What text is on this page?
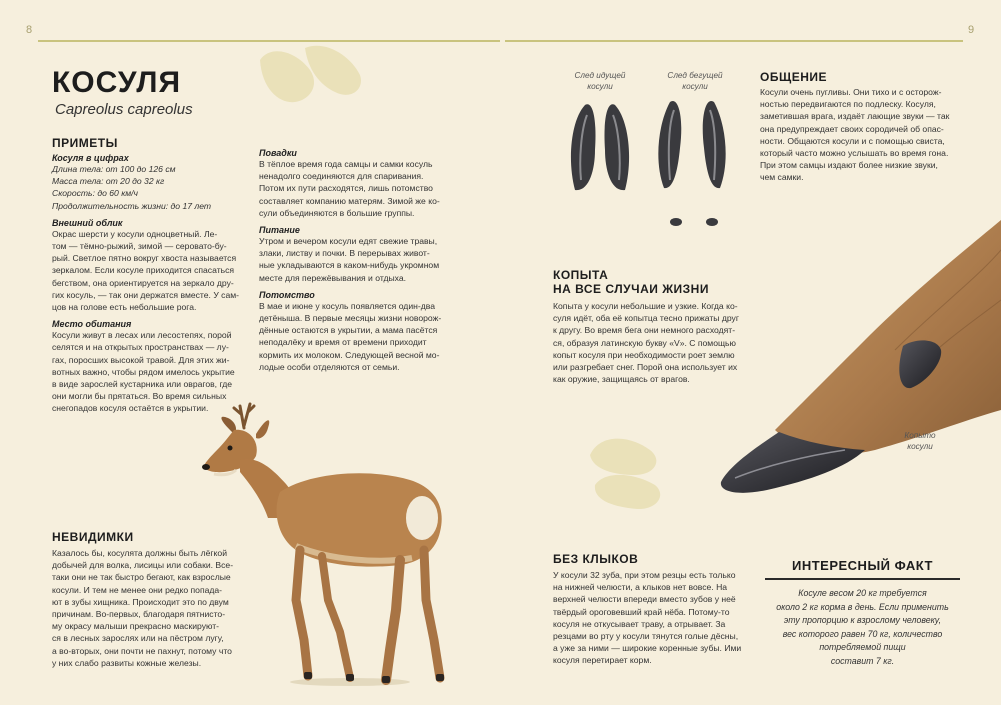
8	9
КОСУЛЯ
Capreolus capreolus
ПРИМЕТЫ
Косуля в цифрах
Длина тела: от 100 до 126 см
Масса тела: от 20 до 32 кг
Скорость: до 60 км/ч
Продолжительность жизни: до 17 лет
Внешний облик
Окрас шерсти у косули одноцветный. Ле-
том — тёмно-рыжий, зимой — серовато-бу-
рый. Светлое пятно вокруг хвоста называется
зеркалом. Если косуле приходится спасаться
бегством, она ориентируется на зеркало дру-
гих косуль, — так они держатся вместе. У сам-
цов на голове есть небольшие рога.
Место обитания
Косули живут в лесах или лесостепях, порой
селятся и на открытых пространствах — лу-
гах, поросших высокой травой. Для этих жи-
вотных важно, чтобы рядом имелось укрытие
в виде зарослей кустарника или оврагов, где
они могли бы прятаться. Во время сильных
снегопадов косуля остаётся в укрытии.
Повадки
В тёплое время года самцы и самки косуль
ненадолго соединяются для спаривания.
Потом их пути расходятся, лишь потомство
составляет компанию матерям. Зимой же ко-
сули объединяются в большие группы.
Питание
Утром и вечером косули едят свежие травы,
злаки, листву и почки. В перерывах живот-
ные укладываются в каком-нибудь укромном
месте для пережёвывания и отдыха.
Потомство
В мае и июне у косуль появляется один-два
детёныша. В первые месяцы жизни новорож-
дённые остаются в укрытии, а мама пасётся
неподалёку и время от времени приходит
кормить их молоком. Следующей весной мо-
лодые особи отделяются от семьи.
НЕВИДИМКИ
Казалось бы, косулята должны быть лёгкой
добычей для волка, лисицы или собаки. Все-
таки они не так быстро бегают, как взрослые
косули. И тем не менее они редко попада-
ют в зубы хищника. Происходит это по двум
причинам. Во-первых, благодаря пятнисто-
му окрасу малыши прекрасно маскируют-
ся в лесных зарослях или на пёстром лугу,
а во-вторых, они почти не пахнут, потому что
у них слабо развиты кожные железы.
След идущей
косули
След бегущей
косули
ОБЩЕНИЕ
Косули очень пугливы. Они тихо и с осторож-
ностью передвигаются по подлеску. Косуля,
заметившая врага, издаёт лающие звуки — так
она предупреждает своих сородичей об опас-
ности. Общаются косули и с помощью свиста,
который часто можно услышать во время гона.
При этом самцы издают более низкие звуки,
чем самки.
КОПЫТА
НА ВСЕ СЛУЧАИ ЖИЗНИ
Копыта у косули небольшие и узкие. Когда ко-
суля идёт, оба её копытца тесно прижаты друг
к другу. Во время бега они немного расходят-
ся, образуя латинскую букву «V». С помощью
копыт косуля при необходимости роет землю
или разгребает снег. Порой она использует их
как оружие, защищаясь от врагов.
Копыто
косули
БЕЗ КЛЫКОВ
У косули 32 зуба, при этом резцы есть только
на нижней челюсти, а клыков нет вовсе. На
верхней челюсти впереди вместо зубов у неё
твёрдый ороговевший край нёба. Потому-то
косуля не откусывает траву, а отрывает. За
резцами во рту у косули тянутся голые дёсны,
а уже за ними — широкие коренные зубы. Ими
косуля перетирает корм.
ИНТЕРЕСНЫЙ ФАКТ
Косуле весом 20 кг требуется
около 2 кг корма в день. Если применить
эту пропорцию к взрослому человеку,
вес которого равен 70 кг, количество
потребляемой пищи
составит 7 кг.
